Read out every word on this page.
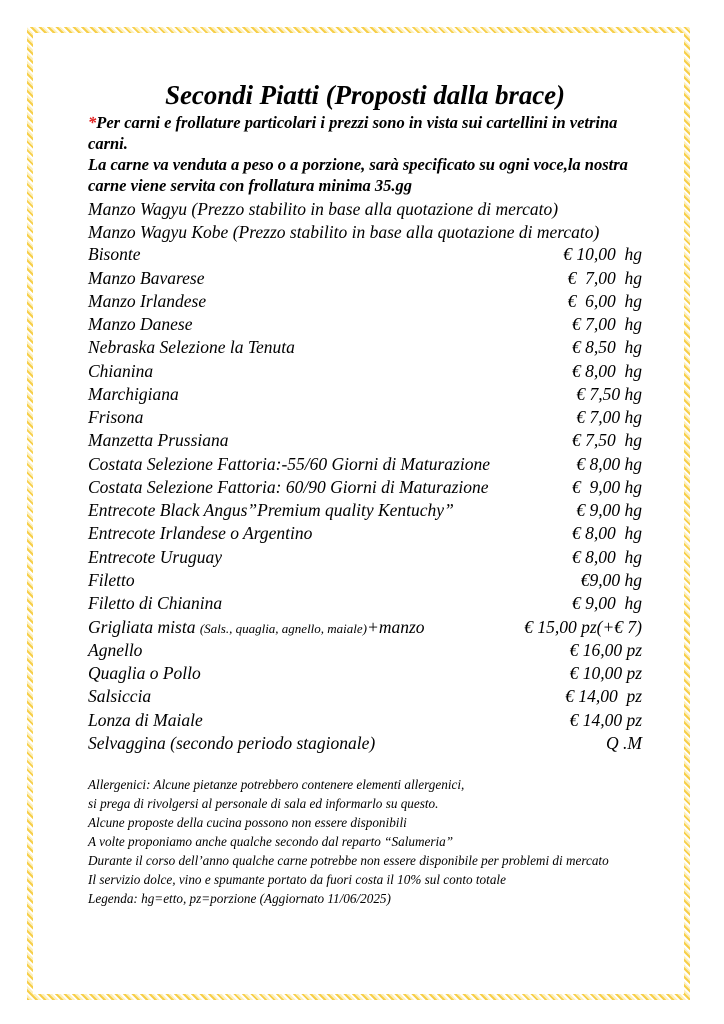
Secondi Piatti (Proposti dalla brace)

*Per carni e frollature particolari i prezzi sono in vista sui cartellini in vetrina carni.

La carne va venduta a peso o a porzione, sarà specificato su ogni voce,la nostra carne viene servita con frollatura minima 35.gg

Manzo Wagyu (Prezzo stabilito in base alla quotazione di mercato)
Manzo Wagyu Kobe (Prezzo stabilito in base alla quotazione di mercato)
Bisonte	€ 10,00  hg
Manzo Bavarese	€  7,00  hg
Manzo Irlandese	€  6,00  hg
Manzo Danese	€ 7,00  hg
Nebraska Selezione la Tenuta	€ 8,50  hg
Chianina	€ 8,00  hg
Marchigiana	€ 7,50 hg
Frisona	€ 7,00 hg
Manzetta Prussiana	€ 7,50  hg
Costata Selezione Fattoria:-55/60 Giorni di Maturazione	€ 8,00 hg
Costata Selezione Fattoria: 60/90 Giorni di Maturazione	€  9,00 hg
Entrecote Black Angus”Premium quality Kentuchy”	€ 9,00 hg
Entrecote Irlandese o Argentino	€ 8,00  hg
Entrecote Uruguay	€ 8,00  hg
Filetto	€9,00 hg
Filetto di Chianina	€ 9,00  hg
Grigliata mista (Sals., quaglia, agnello, maiale)+manzo	€ 15,00 pz(+€ 7)
Agnello	€ 16,00 pz
Quaglia o Pollo	€ 10,00 pz
Salsiccia	€ 14,00  pz
Lonza di Maiale	€ 14,00 pz
Selvaggina (secondo periodo stagionale)	Q .M

Allergenici: Alcune pietanze potrebbero contenere elementi allergenici,

si prega di rivolgersi al personale di sala ed informarlo su questo.

Alcune proposte della cucina possono non essere disponibili

A volte proponiamo anche qualche secondo dal reparto “Salumeria”

Durante il corso dell’anno qualche carne potrebbe non essere disponibile per problemi di mercato

Il servizio dolce, vino e spumante portato da fuori costa il 10% sul conto totale

Legenda: hg=etto, pz=porzione (Aggiornato 11/06/2025)
